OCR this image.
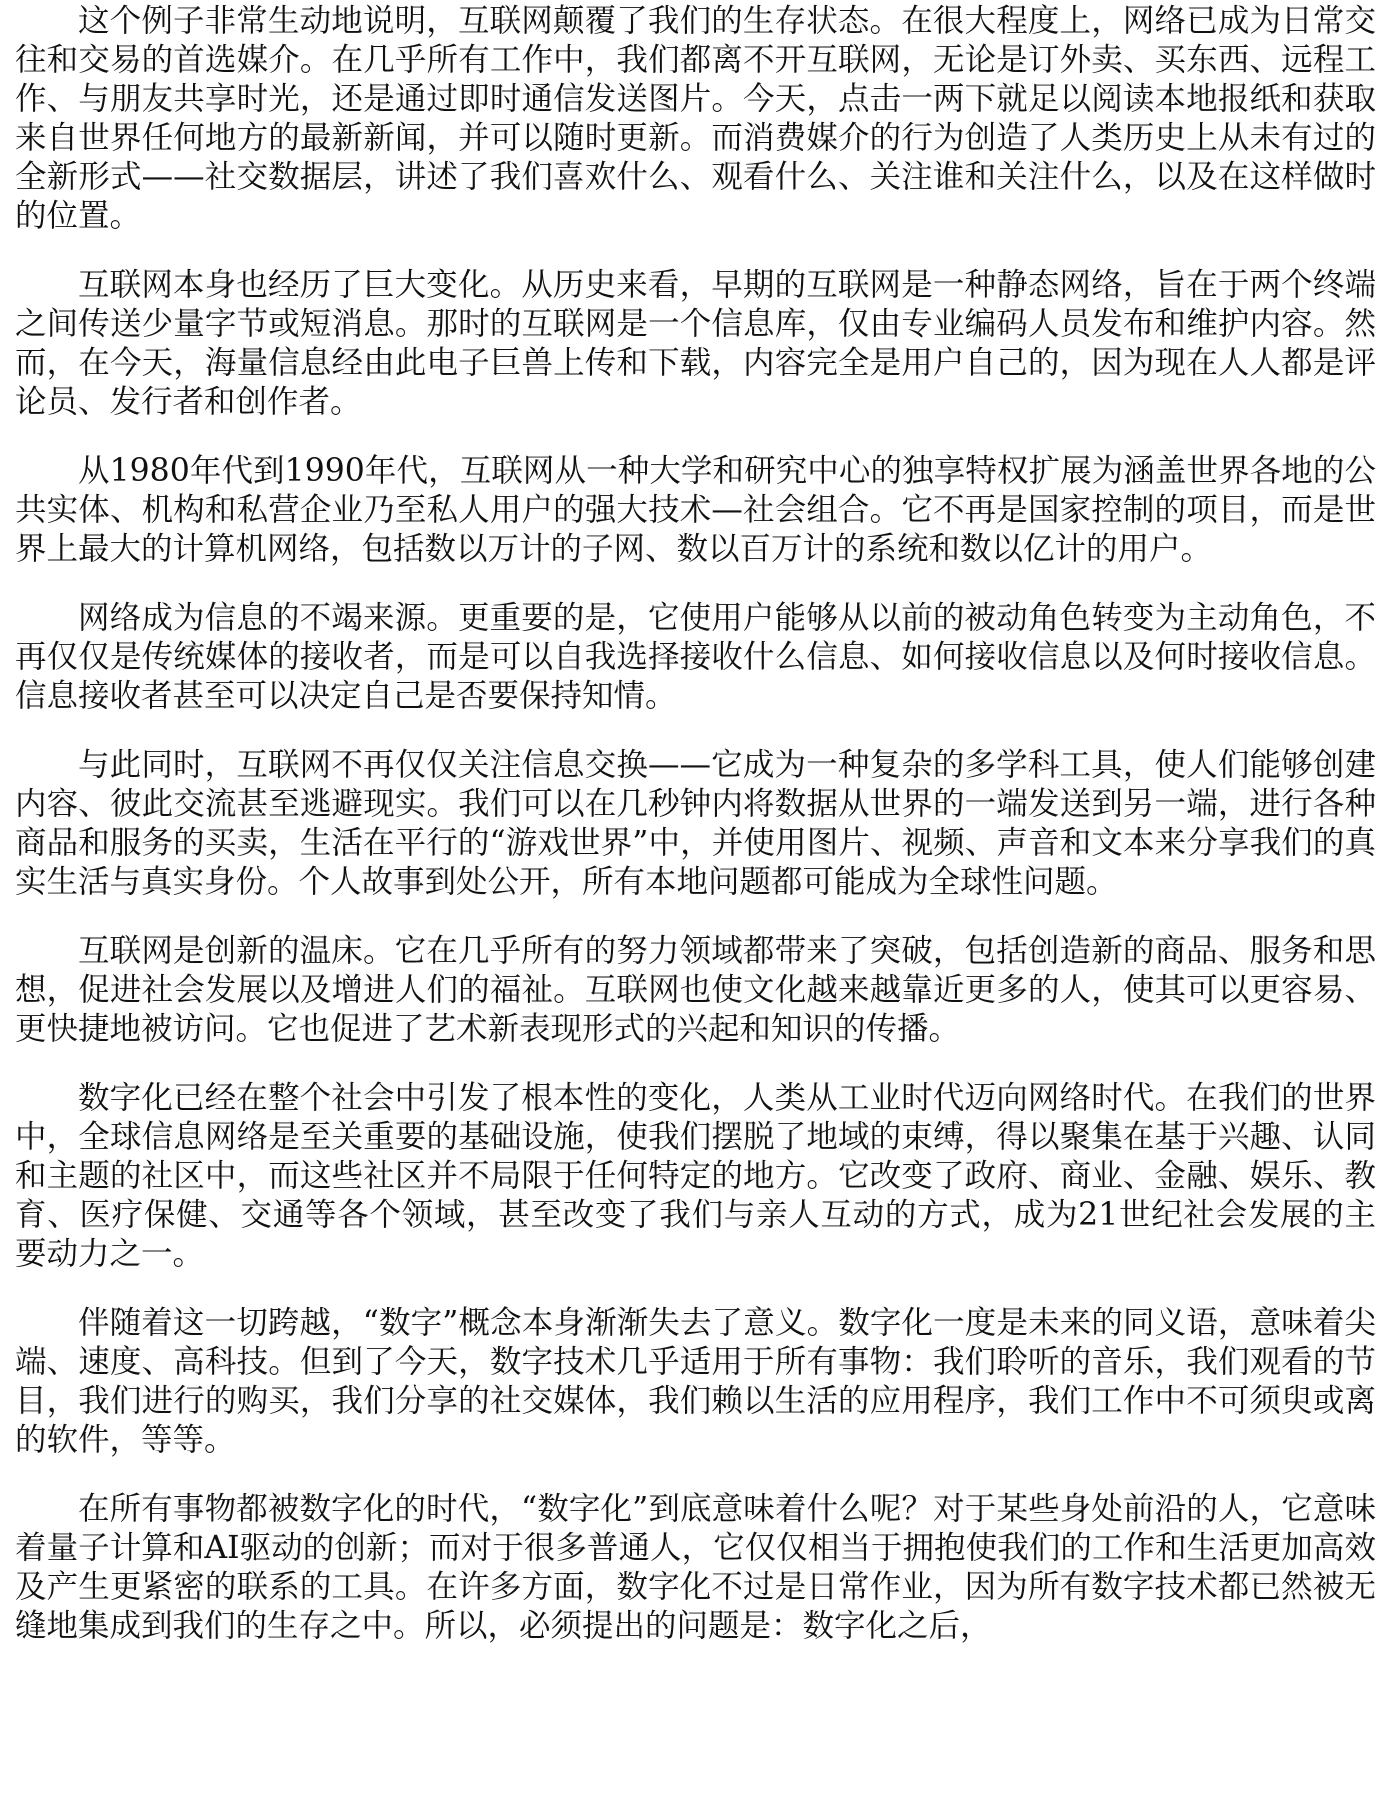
这个例子非常生动地说明，互联网颠覆了我们的生存状态。在很大程度上，网络已成为日常交往和交易的首选媒介。在几乎所有工作中，我们都离不开互联网，无论是订外卖、买东西、远程工作、与朋友共享时光，还是通过即时通信发送图片。今天，点击一两下就足以阅读本地报纸和获取来自世界任何地方的最新新闻，并可以随时更新。而消费媒介的行为创造了人类历史上从未有过的全新形式——社交数据层，讲述了我们喜欢什么、观看什么、关注谁和关注什么，以及在这样做时的位置。

互联网本身也经历了巨大变化。从历史来看，早期的互联网是一种静态网络，旨在于两个终端之间传送少量字节或短消息。那时的互联网是一个信息库，仅由专业编码人员发布和维护内容。然而，在今天，海量信息经由此电子巨兽上传和下载，内容完全是用户自己的，因为现在人人都是评论员、发行者和创作者。

从1980年代到1990年代，互联网从一种大学和研究中心的独享特权扩展为涵盖世界各地的公共实体、机构和私营企业乃至私人用户的强大技术—社会组合。它不再是国家控制的项目，而是世界上最大的计算机网络，包括数以万计的子网、数以百万计的系统和数以亿计的用户。

网络成为信息的不竭来源。更重要的是，它使用户能够从以前的被动角色转变为主动角色，不再仅仅是传统媒体的接收者，而是可以自我选择接收什么信息、如何接收信息以及何时接收信息。信息接收者甚至可以决定自己是否要保持知情。

与此同时，互联网不再仅仅关注信息交换——它成为一种复杂的多学科工具，使人们能够创建内容、彼此交流甚至逃避现实。我们可以在几秒钟内将数据从世界的一端发送到另一端，进行各种商品和服务的买卖，生活在平行的“游戏世界”中，并使用图片、视频、声音和文本来分享我们的真实生活与真实身份。个人故事到处公开，所有本地问题都可能成为全球性问题。

互联网是创新的温床。它在几乎所有的努力领域都带来了突破，包括创造新的商品、服务和思想，促进社会发展以及增进人们的福祉。互联网也使文化越来越靠近更多的人，使其可以更容易、更快捷地被访问。它也促进了艺术新表现形式的兴起和知识的传播。

数字化已经在整个社会中引发了根本性的变化，人类从工业时代迈向网络时代。在我们的世界中，全球信息网络是至关重要的基础设施，使我们摆脱了地域的束缚，得以聚集在基于兴趣、认同和主题的社区中，而这些社区并不局限于任何特定的地方。它改变了政府、商业、金融、娱乐、教育、医疗保健、交通等各个领域，甚至改变了我们与亲人互动的方式，成为21世纪社会发展的主要动力之一。

伴随着这一切跨越，“数字”概念本身渐渐失去了意义。数字化一度是未来的同义语，意味着尖端、速度、高科技。但到了今天，数字技术几乎适用于所有事物：我们聆听的音乐，我们观看的节目，我们进行的购买，我们分享的社交媒体，我们赖以生活的应用程序，我们工作中不可须臾或离的软件，等等。

在所有事物都被数字化的时代，“数字化”到底意味着什么呢？对于某些身处前沿的人，它意味着量子计算和AI驱动的创新；而对于很多普通人，它仅仅相当于拥抱使我们的工作和生活更加高效及产生更紧密的联系的工具。在许多方面，数字化不过是日常作业，因为所有数字技术都已然被无缝地集成到我们的生存之中。所以，必须提出的问题是：数字化之后，
